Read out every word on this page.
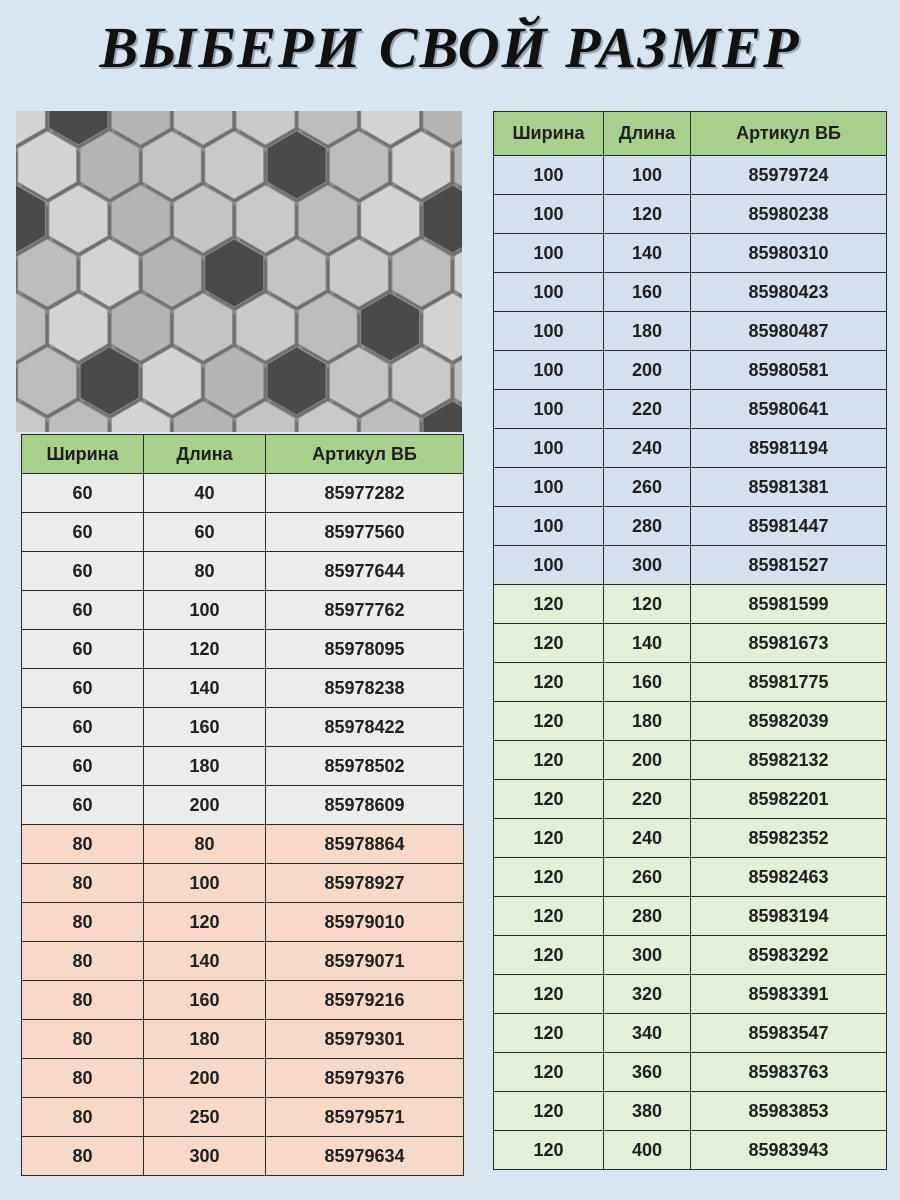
ВЫБЕРИ СВОЙ РАЗМЕР
Ширина	Длина	Артикул ВБ
60	40	85977282
60	60	85977560
60	80	85977644
60	100	85977762
60	120	85978095
60	140	85978238
60	160	85978422
60	180	85978502
60	200	85978609
80	80	85978864
80	100	85978927
80	120	85979010
80	140	85979071
80	160	85979216
80	180	85979301
80	200	85979376
80	250	85979571
80	300	85979634
Ширина	Длина	Артикул ВБ
100	100	85979724
100	120	85980238
100	140	85980310
100	160	85980423
100	180	85980487
100	200	85980581
100	220	85980641
100	240	85981194
100	260	85981381
100	280	85981447
100	300	85981527
120	120	85981599
120	140	85981673
120	160	85981775
120	180	85982039
120	200	85982132
120	220	85982201
120	240	85982352
120	260	85982463
120	280	85983194
120	300	85983292
120	320	85983391
120	340	85983547
120	360	85983763
120	380	85983853
120	400	85983943
